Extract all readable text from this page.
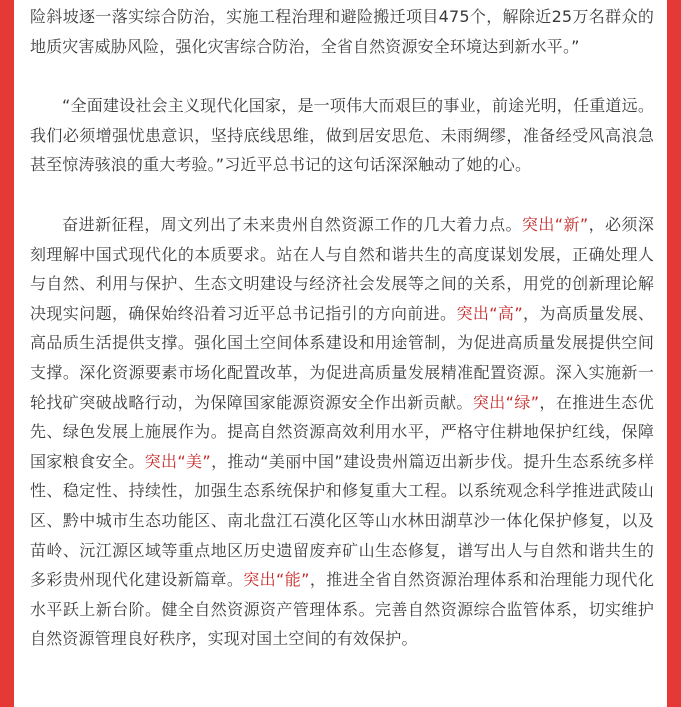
险斜坡逐一落实综合防治，实施工程治理和避险搬迁项目475个，解除近25万名群众的地质灾害威胁风险，强化灾害综合防治，全省自然资源安全环境达到新水平。”

“全面建设社会主义现代化国家，是一项伟大而艰巨的事业，前途光明，任重道远。我们必须增强忧患意识，坚持底线思维，做到居安思危、未雨绸缪，准备经受风高浪急甚至惊涛骇浪的重大考验。”习近平总书记的这句话深深触动了她的心。

奋进新征程，周文列出了未来贵州自然资源工作的几大着力点。突出“新”，必须深刻理解中国式现代化的本质要求。站在人与自然和谐共生的高度谋划发展，正确处理人与自然、利用与保护、生态文明建设与经济社会发展等之间的关系，用党的创新理论解决现实问题，确保始终沿着习近平总书记指引的方向前进。突出“高”，为高质量发展、高品质生活提供支撑。强化国土空间体系建设和用途管制，为促进高质量发展提供空间支撑。深化资源要素市场化配置改革，为促进高质量发展精准配置资源。深入实施新一轮找矿突破战略行动，为保障国家能源资源安全作出新贡献。突出“绿”，在推进生态优先、绿色发展上施展作为。提高自然资源高效利用水平，严格守住耕地保护红线，保障国家粮食安全。突出“美”，推动“美丽中国”建设贵州篇迈出新步伐。提升生态系统多样性、稳定性、持续性，加强生态系统保护和修复重大工程。以系统观念科学推进武陵山区、黔中城市生态功能区、南北盘江石漠化区等山水林田湖草沙一体化保护修复，以及苗岭、沅江源区域等重点地区历史遗留废弃矿山生态修复，谱写出人与自然和谐共生的多彩贵州现代化建设新篇章。突出“能”，推进全省自然资源治理体系和治理能力现代化水平跃上新台阶。健全自然资源资产管理体系。完善自然资源综合监管体系，切实维护自然资源管理良好秩序，实现对国土空间的有效保护。
